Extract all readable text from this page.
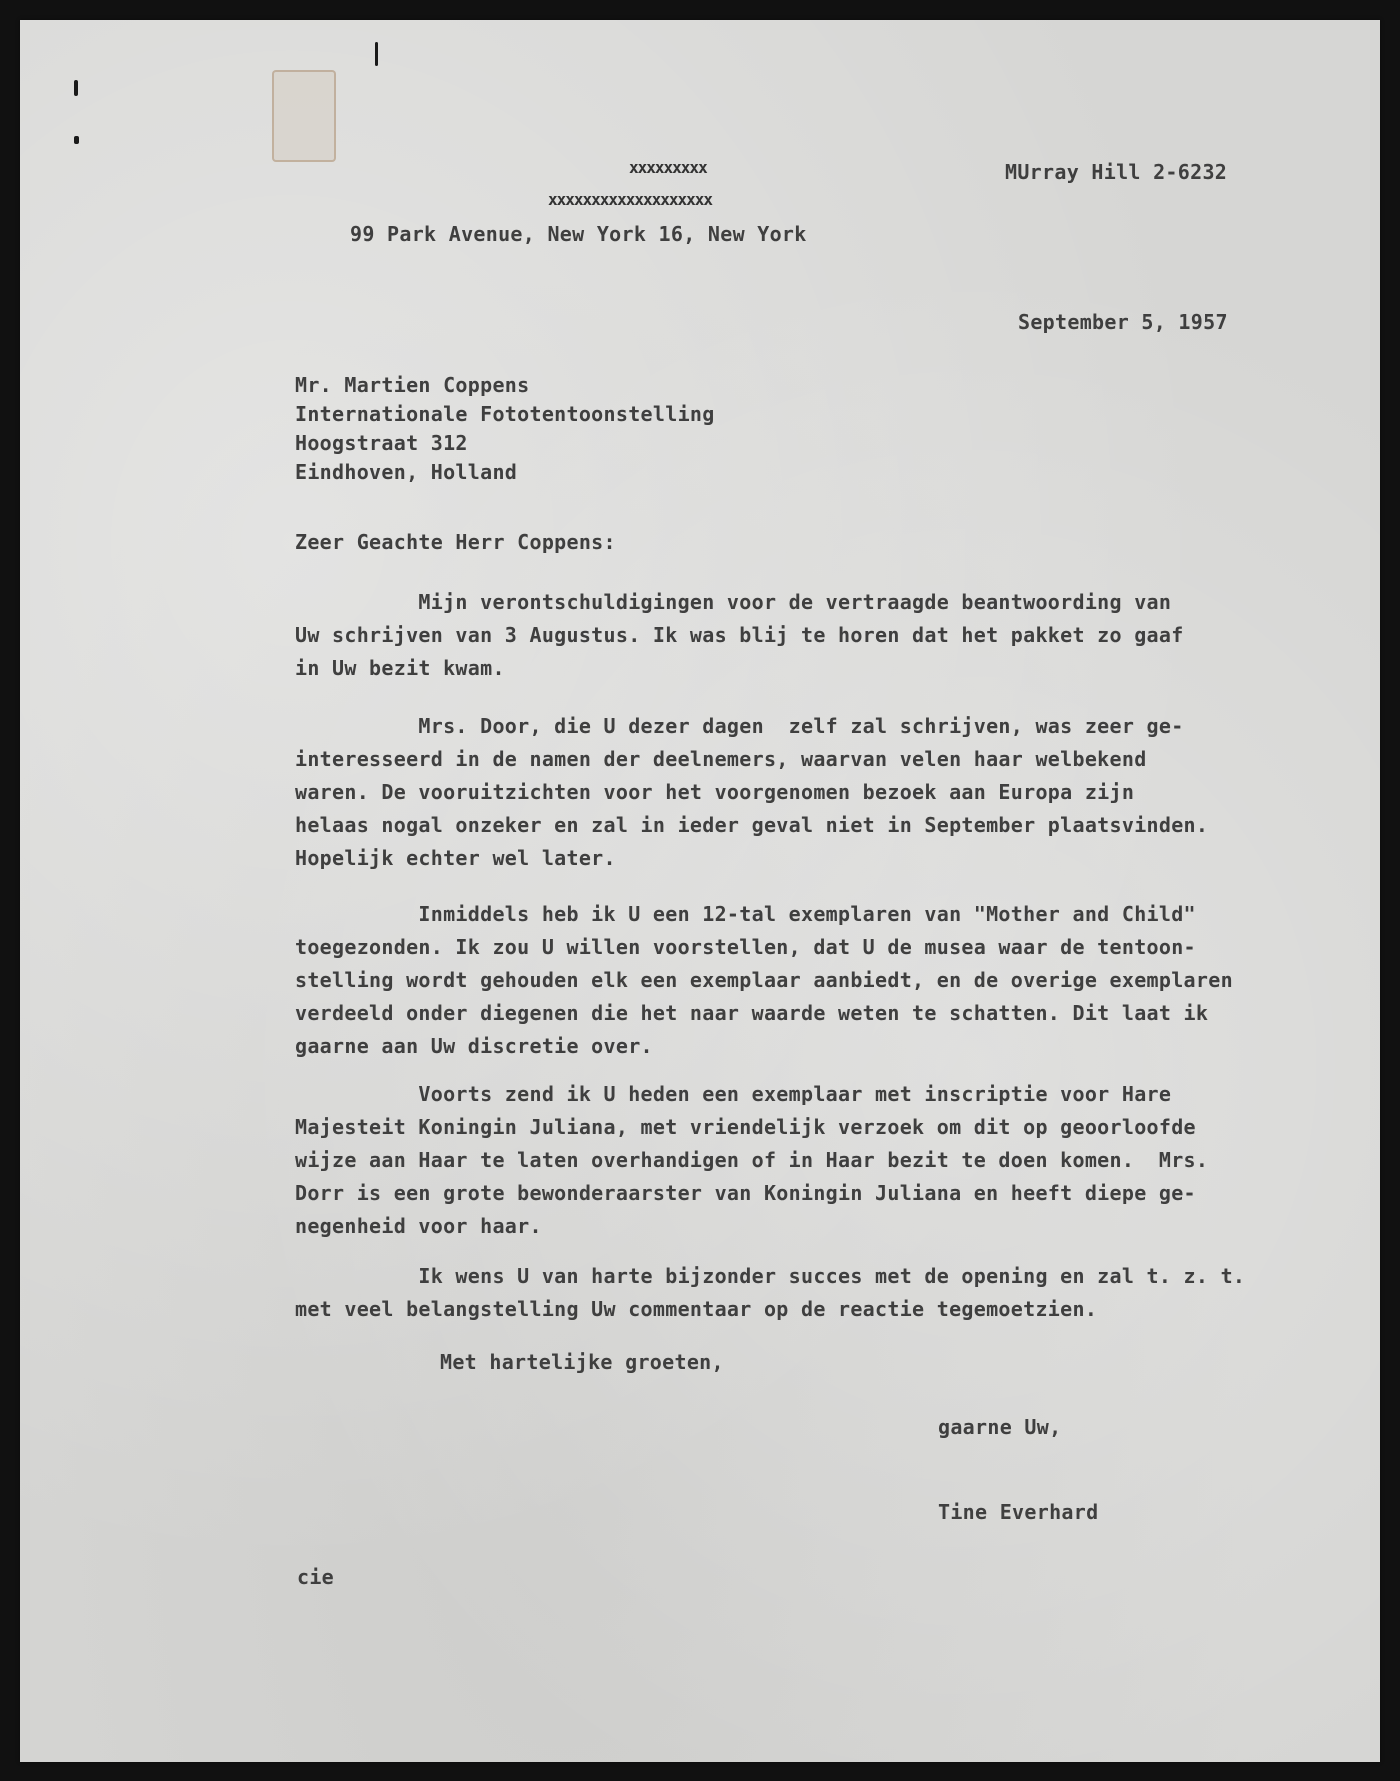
xxxxxxxxx
xxxxxxxxxxxxxxxxxxx
99 Park Avenue, New York 16, New York
MUrray Hill 2-6232
September 5, 1957
Mr. Martien Coppens
Internationale Fototentoonstelling
Hoogstraat 312
Eindhoven, Holland
Zeer Geachte Herr Coppens:
Mijn verontschuldigingen voor de vertraagde beantwoording van
Uw schrijven van 3 Augustus. Ik was blij te horen dat het pakket zo gaaf
in Uw bezit kwam.
Mrs. Door, die U dezer dagen  zelf zal schrijven, was zeer ge-
interesseerd in de namen der deelnemers, waarvan velen haar welbekend
waren. De vooruitzichten voor het voorgenomen bezoek aan Europa zijn
helaas nogal onzeker en zal in ieder geval niet in September plaatsvinden.
Hopelijk echter wel later.
Inmiddels heb ik U een 12-tal exemplaren van "Mother and Child"
toegezonden. Ik zou U willen voorstellen, dat U de musea waar de tentoon-
stelling wordt gehouden elk een exemplaar aanbiedt, en de overige exemplaren
verdeeld onder diegenen die het naar waarde weten te schatten. Dit laat ik
gaarne aan Uw discretie over.
Voorts zend ik U heden een exemplaar met inscriptie voor Hare
Majesteit Koningin Juliana, met vriendelijk verzoek om dit op geoorloofde
wijze aan Haar te laten overhandigen of in Haar bezit te doen komen.  Mrs.
Dorr is een grote bewonderaarster van Koningin Juliana en heeft diepe ge-
negenheid voor haar.
Ik wens U van harte bijzonder succes met de opening en zal t. z. t.
met veel belangstelling Uw commentaar op de reactie tegemoetzien.
Met hartelijke groeten,
gaarne Uw,
Tine Everhard
cie
